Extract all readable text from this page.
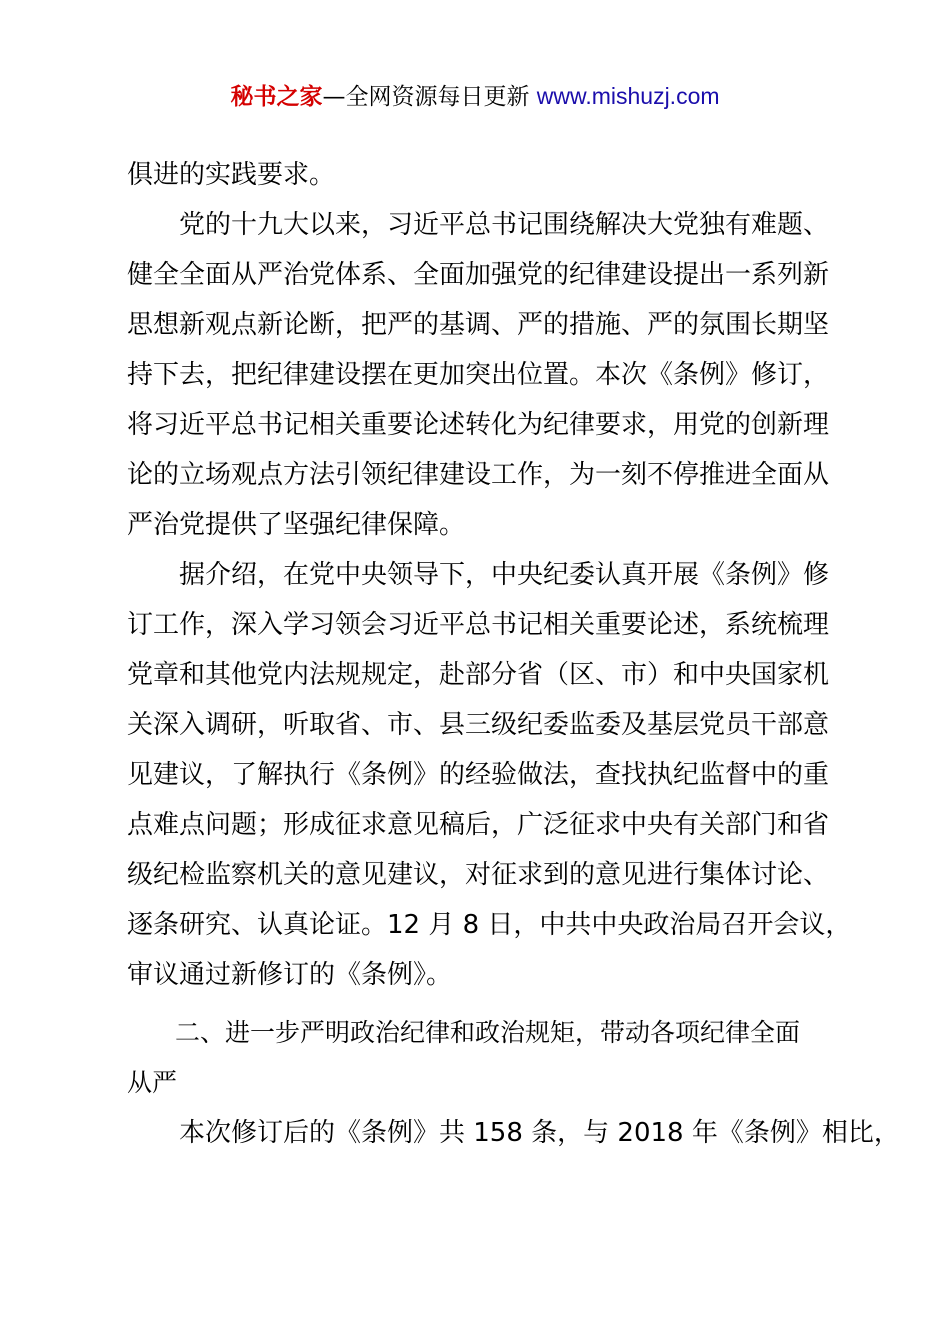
秘书之家—全网资源每日更新 www.mishuzj.com
俱进的实践要求。
党的十九大以来，习近平总书记围绕解决大党独有难题、
健全全面从严治党体系、全面加强党的纪律建设提出一系列新
思想新观点新论断，把严的基调、严的措施、严的氛围长期坚
持下去，把纪律建设摆在更加突出位置。本次《条例》修订，
将习近平总书记相关重要论述转化为纪律要求，用党的创新理
论的立场观点方法引领纪律建设工作，为一刻不停推进全面从
严治党提供了坚强纪律保障。
据介绍，在党中央领导下，中央纪委认真开展《条例》修
订工作，深入学习领会习近平总书记相关重要论述，系统梳理
党章和其他党内法规规定，赴部分省（区、市）和中央国家机
关深入调研，听取省、市、县三级纪委监委及基层党员干部意
见建议，了解执行《条例》的经验做法，查找执纪监督中的重
点难点问题；形成征求意见稿后，广泛征求中央有关部门和省
级纪检监察机关的意见建议，对征求到的意见进行集体讨论、
逐条研究、认真论证。12 月 8 日，中共中央政治局召开会议，
审议通过新修订的《条例》。
二、进一步严明政治纪律和政治规矩，带动各项纪律全面
从严
本次修订后的《条例》共 158 条，与 2018 年《条例》相比，
